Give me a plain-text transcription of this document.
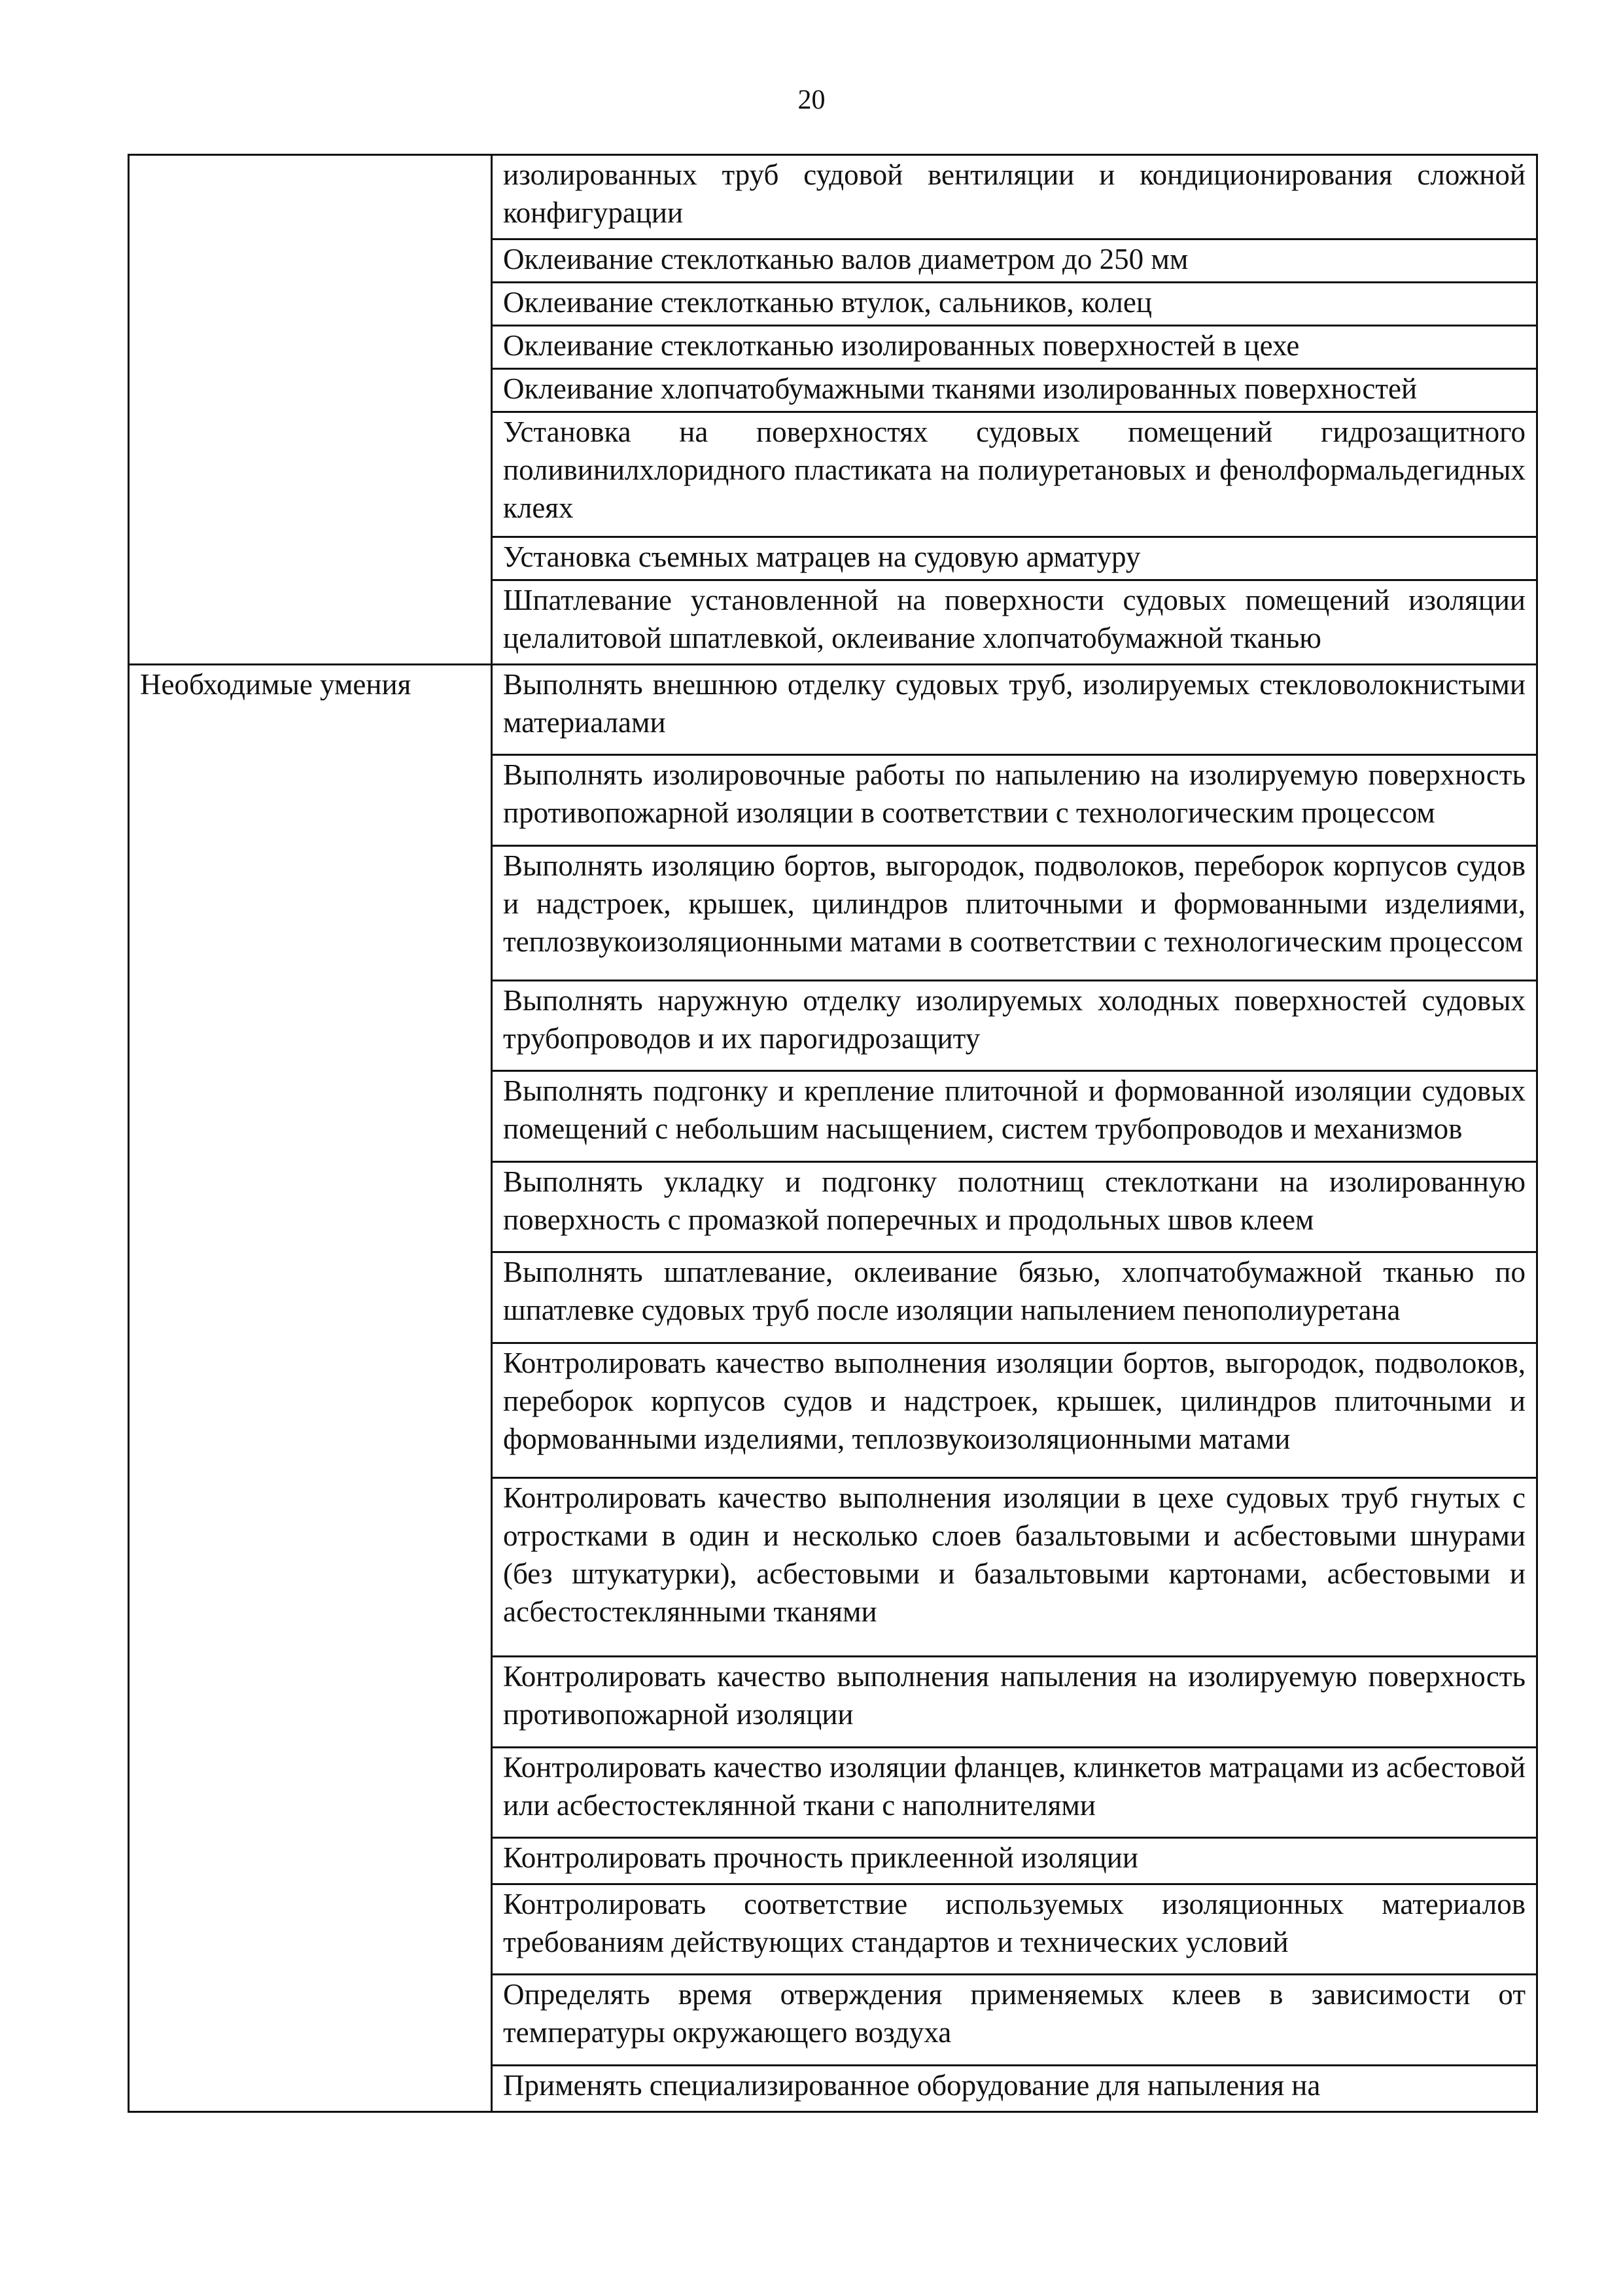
20
	изолированных труб судовой вентиляции и кондиционирования сложной конфигурации
	Оклеивание стеклотканью валов диаметром до 250 мм
	Оклеивание стеклотканью втулок, сальников, колец
	Оклеивание стеклотканью изолированных поверхностей в цехе
	Оклеивание хлопчатобумажными тканями изолированных поверхностей
	Установка на поверхностях судовых помещений гидрозащитного поливинилхлоридного пластиката на полиуретановых и фенолформальдегидных клеях
	Установка съемных матрацев на судовую арматуру
	Шпатлевание установленной на поверхности судовых помещений изоляции целалитовой шпатлевкой, оклеивание хлопчатобумажной тканью
Необходимые умения	Выполнять внешнюю отделку судовых труб, изолируемых стекловолокнистыми материалами
	Выполнять изолировочные работы по напылению на изолируемую поверхность противопожарной изоляции в соответствии с технологическим процессом
	Выполнять изоляцию бортов, выгородок, подволоков, переборок корпусов судов и надстроек, крышек, цилиндров плиточными и формованными изделиями, теплозвукоизоляционными матами в соответствии с технологическим процессом
	Выполнять наружную отделку изолируемых холодных поверхностей судовых трубопроводов и их парогидрозащиту
	Выполнять подгонку и крепление плиточной и формованной изоляции судовых помещений с небольшим насыщением, систем трубопроводов и механизмов
	Выполнять укладку и подгонку полотнищ стеклоткани на изолированную поверхность с промазкой поперечных и продольных швов клеем
	Выполнять шпатлевание, оклеивание бязью, хлопчатобумажной тканью по шпатлевке судовых труб после изоляции напылением пенополиуретана
	Контролировать качество выполнения изоляции бортов, выгородок, подволоков, переборок корпусов судов и надстроек, крышек, цилиндров плиточными и формованными изделиями, теплозвукоизоляционными матами
	Контролировать качество выполнения изоляции в цехе судовых труб гнутых с отростками в один и несколько слоев базальтовыми и асбестовыми шнурами (без штукатурки), асбестовыми и базальтовыми картонами, асбестовыми и асбестостеклянными тканями
	Контролировать качество выполнения напыления на изолируемую поверхность противопожарной изоляции
	Контролировать качество изоляции фланцев, клинкетов матрацами из асбестовой или асбестостеклянной ткани с наполнителями
	Контролировать прочность приклеенной изоляции
	Контролировать соответствие используемых изоляционных материалов требованиям действующих стандартов и технических условий
	Определять время отверждения применяемых клеев в зависимости от температуры окружающего воздуха
	Применять специализированное оборудование для напыления на
